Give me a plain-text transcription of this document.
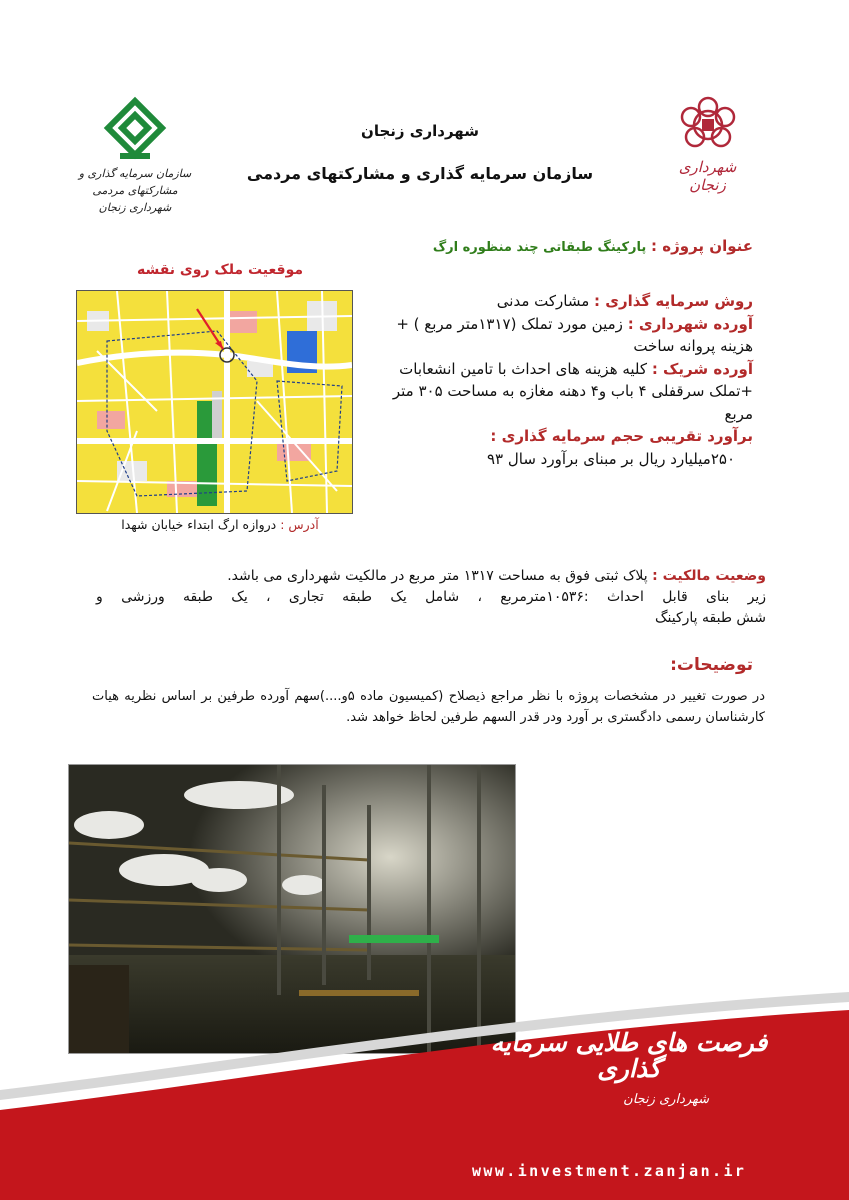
سازمان سرمایه گذاری و مشارکتهای مردمی
شهرداری زنجان
شهرداری زنجان
سازمان سرمایه گذاری و مشارکتهای مردمی	شهرداری زنجان
عنوان پروژه : پارکینگ طبقاتی چند منظوره ارگ
موقعیت ملک روی نقشه
آدرس : دروازه ارگ ابتداء خیابان شهدا

روش سرمایه گذاری : مشارکت مدنی

آورده شهرداری : زمین مورد تملک (۱۳۱۷متر مربع ) + هزینه پروانه ساخت

آورده شریک : کلیه هزینه های احداث با تامین انشعابات +تملک سرقفلی ۴ باب و۴ دهنه مغازه به مساحت ۳۰۵ متر مربع

برآورد تقریبی حجم سرمایه گذاری :

۲۵۰میلیارد ریال بر مبنای برآورد سال ۹۳

وضعیت مالکیت : پلاک ثبتی فوق به مساحت ۱۳۱۷ متر مربع در مالکیت شهرداری می باشد.

زیر بنای قابل احداث :۱۰۵۳۶مترمربع ، شامل یک طبقه تجاری ، یک طبقه ورزشی و

شش طبقه پارکینگ

توضیحات:
در صورت تغییر در مشخصات پروژه با نظر مراجع ذیصلاح (کمیسیون ماده ۵و....)سهم آورده طرفین بر اساس نظریه هیات کارشناسان رسمی دادگستری بر آورد ودر قدر السهم طرفین لحاظ خواهد شد.
فرصت های طلایی سرمایه گذاری
شهرداری زنجان
www.investment.zanjan.ir
